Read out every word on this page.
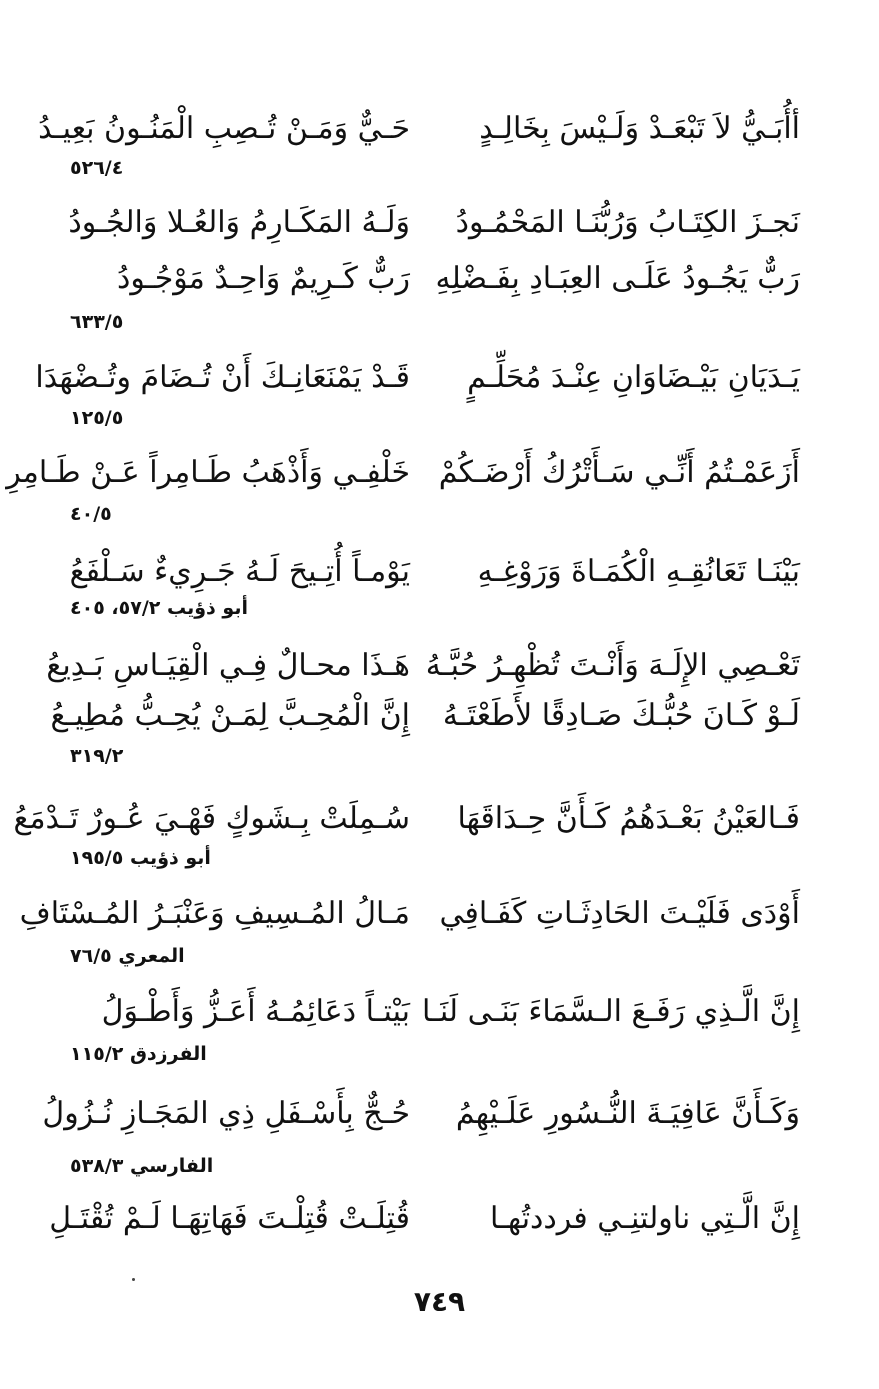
أأُبَـيُّ لاَ تَبْعَـدْ وَلَـيْسَ بِخَالِـدٍ
حَـيٌّ وَمَـنْ تُـصِبِ الْمَنُـونُ بَعِيـدُ
٥٢٦/٤
نَجـزَ الكِتَـابُ وَرُبُّنَـا المَحْمُـودُ
وَلَـهُ المَكَـارِمُ وَالعُـلا وَالجُـودُ
رَبٌّ يَجُـودُ عَلَـى العِبَـادِ بِفَـضْلِهِ
رَبٌّ كَـرِيمٌ وَاحِـدٌ مَوْجُـودُ
٦٣٣/٥
يَـدَيَانِ بَيْـضَاوَانِ عِنْـدَ مُحَلِّـمٍ
قَـدْ يَمْنَعَانِـكَ أَنْ تُـضَامَ وتُـضْهَدَا
١٢٥/٥
أَزَعَمْـتُمُ أَنِّـي سَـأَتْرُكُ أَرْضَـكُمْ
خَلْفِـي وَأَذْهَبُ طَـامِراً عَـنْ طَـامِرِ
٤٠/٥
بَيْنَـا تَعَانُقِـهِ الْكُمَـاةَ وَرَوْغِـهِ
يَوْمـاً أُتِـيحَ لَـهُ جَـرِيءٌ سَـلْفَعُ
أبو ذؤيب ٥٧/٢، ٤٠٥
تَعْـصِي الإِلَـهَ وَأَنْـتَ تُظْهِـرُ حُبَّـهُ
هَـذَا محـالٌ فِـي الْقِيَـاسِ بَـدِيعُ
لَـوْ كَـانَ حُبُّـكَ صَـادِقًا لأَطَعْتَـهُ
إِنَّ الْمُحِـبَّ لِمَـنْ يُحِـبُّ مُطِيـعُ
٣١٩/٢
فَـالعَيْنُ بَعْـدَهُمُ كَـأَنَّ حِـدَاقَهَا
سُـمِلَتْ بِـشَوكٍ فَهْـيَ عُـورٌ تَـدْمَعُ
أبو ذؤيب ١٩٥/٥
أَوْدَى فَلَيْـتَ الحَادِثَـاتِ كَفَـافِي
مَـالُ المُـسِيفِ وَعَنْبَـرُ المُـسْتَافِ
المعري ٧٦/٥
إِنَّ الَّـذِي رَفَـعَ الـسَّمَاءَ بَنَـى لَنَـا
بَيْتـاً دَعَائِمُـهُ أَعَـزُّ وَأَطْـوَلُ
الفرزدق ١١٥/٢
وَكَـأَنَّ عَافِيَـةَ النُّـسُورِ عَلَـيْهِمُ
حُـجٌّ بِأَسْـفَلِ ذِي المَجَـازِ نُـزُولُ
الفارسي ٥٣٨/٣
إِنَّ الَّـتِي ناولتنِـي فرددتُهـا
قُتِلَـتْ قُتِلْـتَ فَهَاتِهَـا لَـمْ تُقْتَـلِ
٧٤٩
